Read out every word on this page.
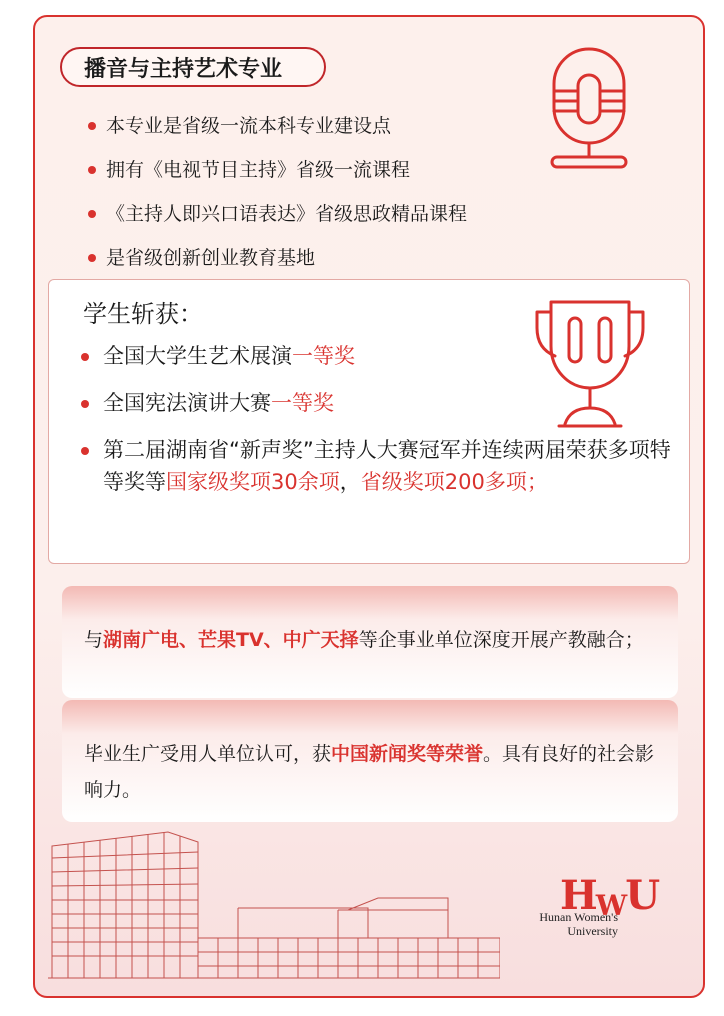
播音与主持艺术专业
本专业是省级一流本科专业建设点
拥有《电视节目主持》省级一流课程
《主持人即兴口语表达》省级思政精品课程
是省级创新创业教育基地
学生斩获：
全国大学生艺术展演一等奖
全国宪法演讲大赛一等奖
第二届湖南省“新声奖”主持人大赛冠军并连续两届荣获多项特等奖等国家级奖项30余项，省级奖项200多项；
与湖南广电、芒果TV、中广天择等企事业单位深度开展产教融合；
毕业生广受用人单位认可，获中国新闻奖等荣誉。具有良好的社会影响力。
HWU
Hunan Women's
University
